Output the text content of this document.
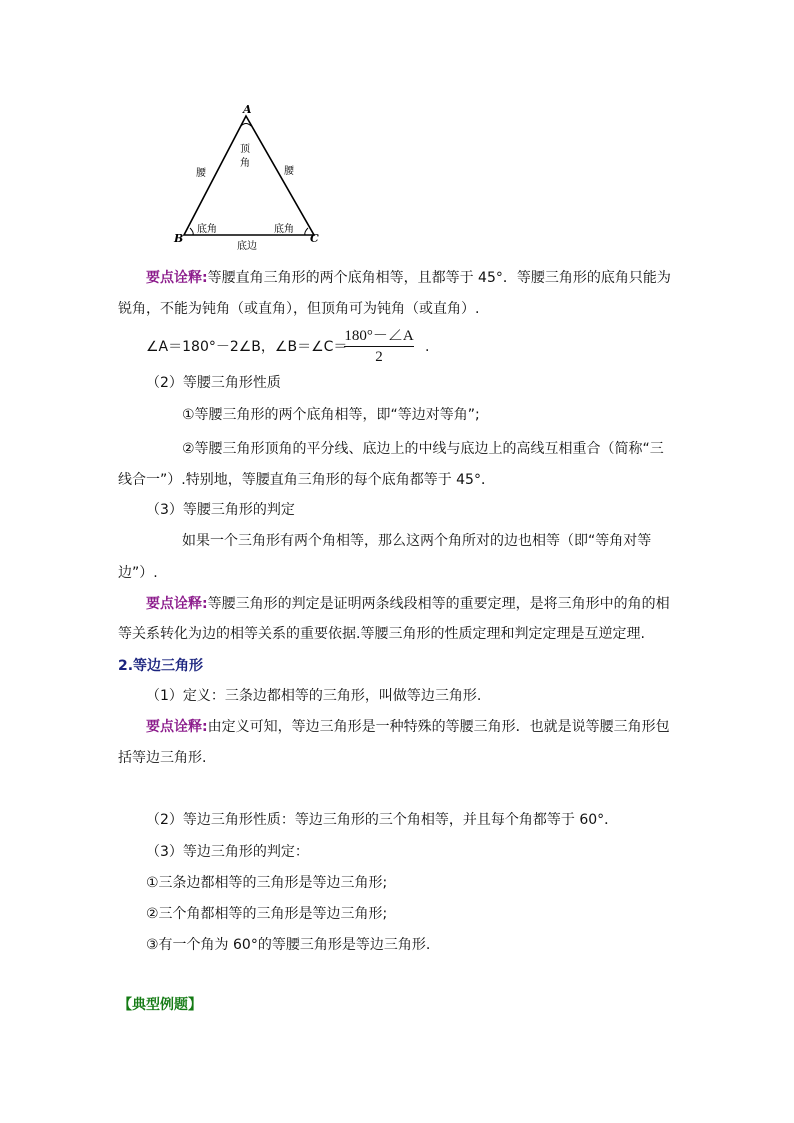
A
B	C
顶
角
腰	腰
底角	底角
底边
要点诠释:等腰直角三角形的两个底角相等，且都等于 45°．等腰三角形的底角只能为
锐角，不能为钝角（或直角），但顶角可为钝角（或直角）.
∠A＝180°－2∠B，∠B＝∠C＝
180°－∠A
2
.
（2）等腰三角形性质
①等腰三角形的两个底角相等，即“等边对等角”;
②等腰三角形顶角的平分线、底边上的中线与底边上的高线互相重合（简称“三
线合一”）.特别地，等腰直角三角形的每个底角都等于 45°．
（3）等腰三角形的判定
如果一个三角形有两个角相等，那么这两个角所对的边也相等（即“等角对等
边”）.
要点诠释:等腰三角形的判定是证明两条线段相等的重要定理，是将三角形中的角的相
等关系转化为边的相等关系的重要依据.等腰三角形的性质定理和判定定理是互逆定理.
2.等边三角形
（1）定义：三条边都相等的三角形，叫做等边三角形.
要点诠释:由定义可知，等边三角形是一种特殊的等腰三角形．也就是说等腰三角形包
括等边三角形.
（2）等边三角形性质：等边三角形的三个角相等，并且每个角都等于 60°．
（3）等边三角形的判定：
①三条边都相等的三角形是等边三角形;
②三个角都相等的三角形是等边三角形;
③有一个角为 60°的等腰三角形是等边三角形.
【典型例题】
